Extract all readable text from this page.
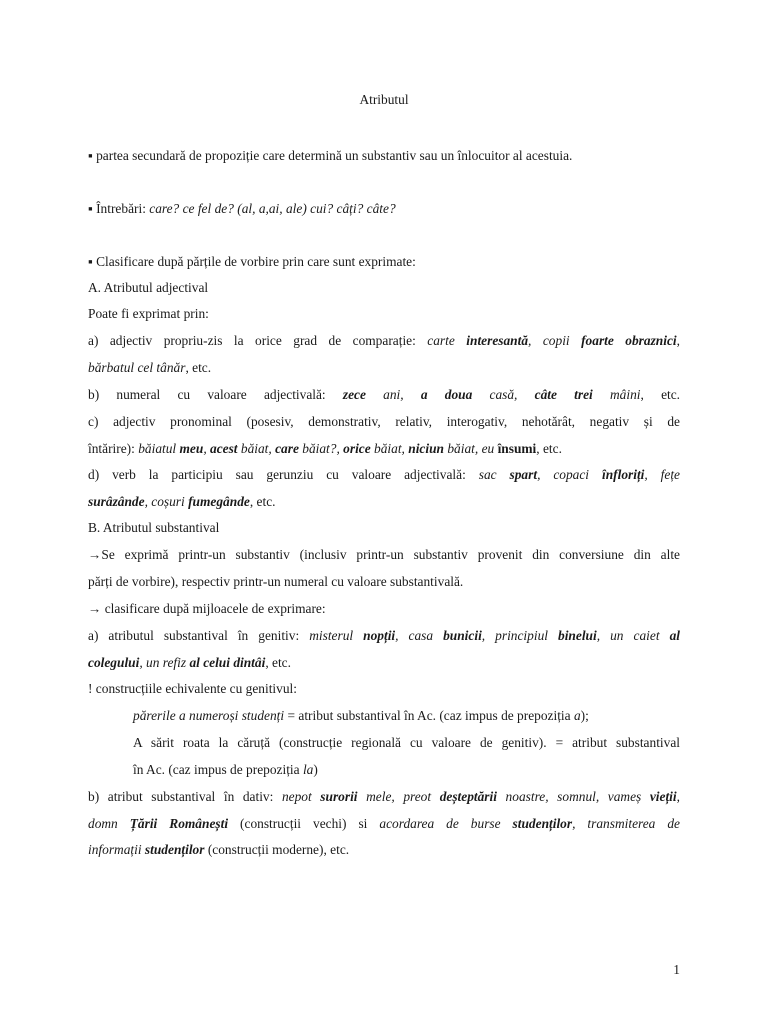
Atributul
▪ partea secundară de propoziție care determină un substantiv sau un înlocuitor al acestuia.
▪ Întrebări: care? ce fel de? (al, a,ai, ale) cui? câți? câte?
▪ Clasificare după părțile de vorbire prin care sunt exprimate:
A. Atributul adjectival
Poate fi exprimat prin:
a) adjectiv propriu-zis la orice grad de comparație: carte interesantă, copii foarte obraznici,
bărbatul cel tânăr, etc.
b) numeral cu valoare adjectivală: zece ani, a doua casă, câte trei mâini, etc.
c) adjectiv pronominal (posesiv, demonstrativ, relativ, interogativ, nehotărât, negativ și de
întărire): băiatul meu, acest băiat, care băiat?, orice băiat, niciun băiat, eu însumi, etc.
d) verb la participiu sau gerunziu cu valoare adjectivală: sac spart, copaci înfloriți, fețe
surâzânde, coșuri fumegânde, etc.
B. Atributul substantival
→Se exprimă printr-un substantiv (inclusiv printr-un substantiv provenit din conversiune din alte
părți de vorbire), respectiv printr-un numeral cu valoare substantivală.
→ clasificare după mijloacele de exprimare:
a) atributul substantival în genitiv: misterul nopții, casa bunicii, principiul binelui, un caiet al
colegului, un refiz al celui dintâi, etc.
! construcțiile echivalente cu genitivul:
părerile a numeroși studenți = atribut substantival în Ac. (caz impus de prepoziția a);
A sărit roata la căruță (construcție regională cu valoare de genitiv). = atribut substantival
în Ac. (caz impus de prepoziția la)
b) atribut substantival în dativ: nepot surorii mele, preot deșteptării noastre, somnul, vameș vieții,
domn Țării Românești (construcții vechi) si acordarea de burse studenților, transmiterea de
informații studenților (construcții moderne), etc.
1
